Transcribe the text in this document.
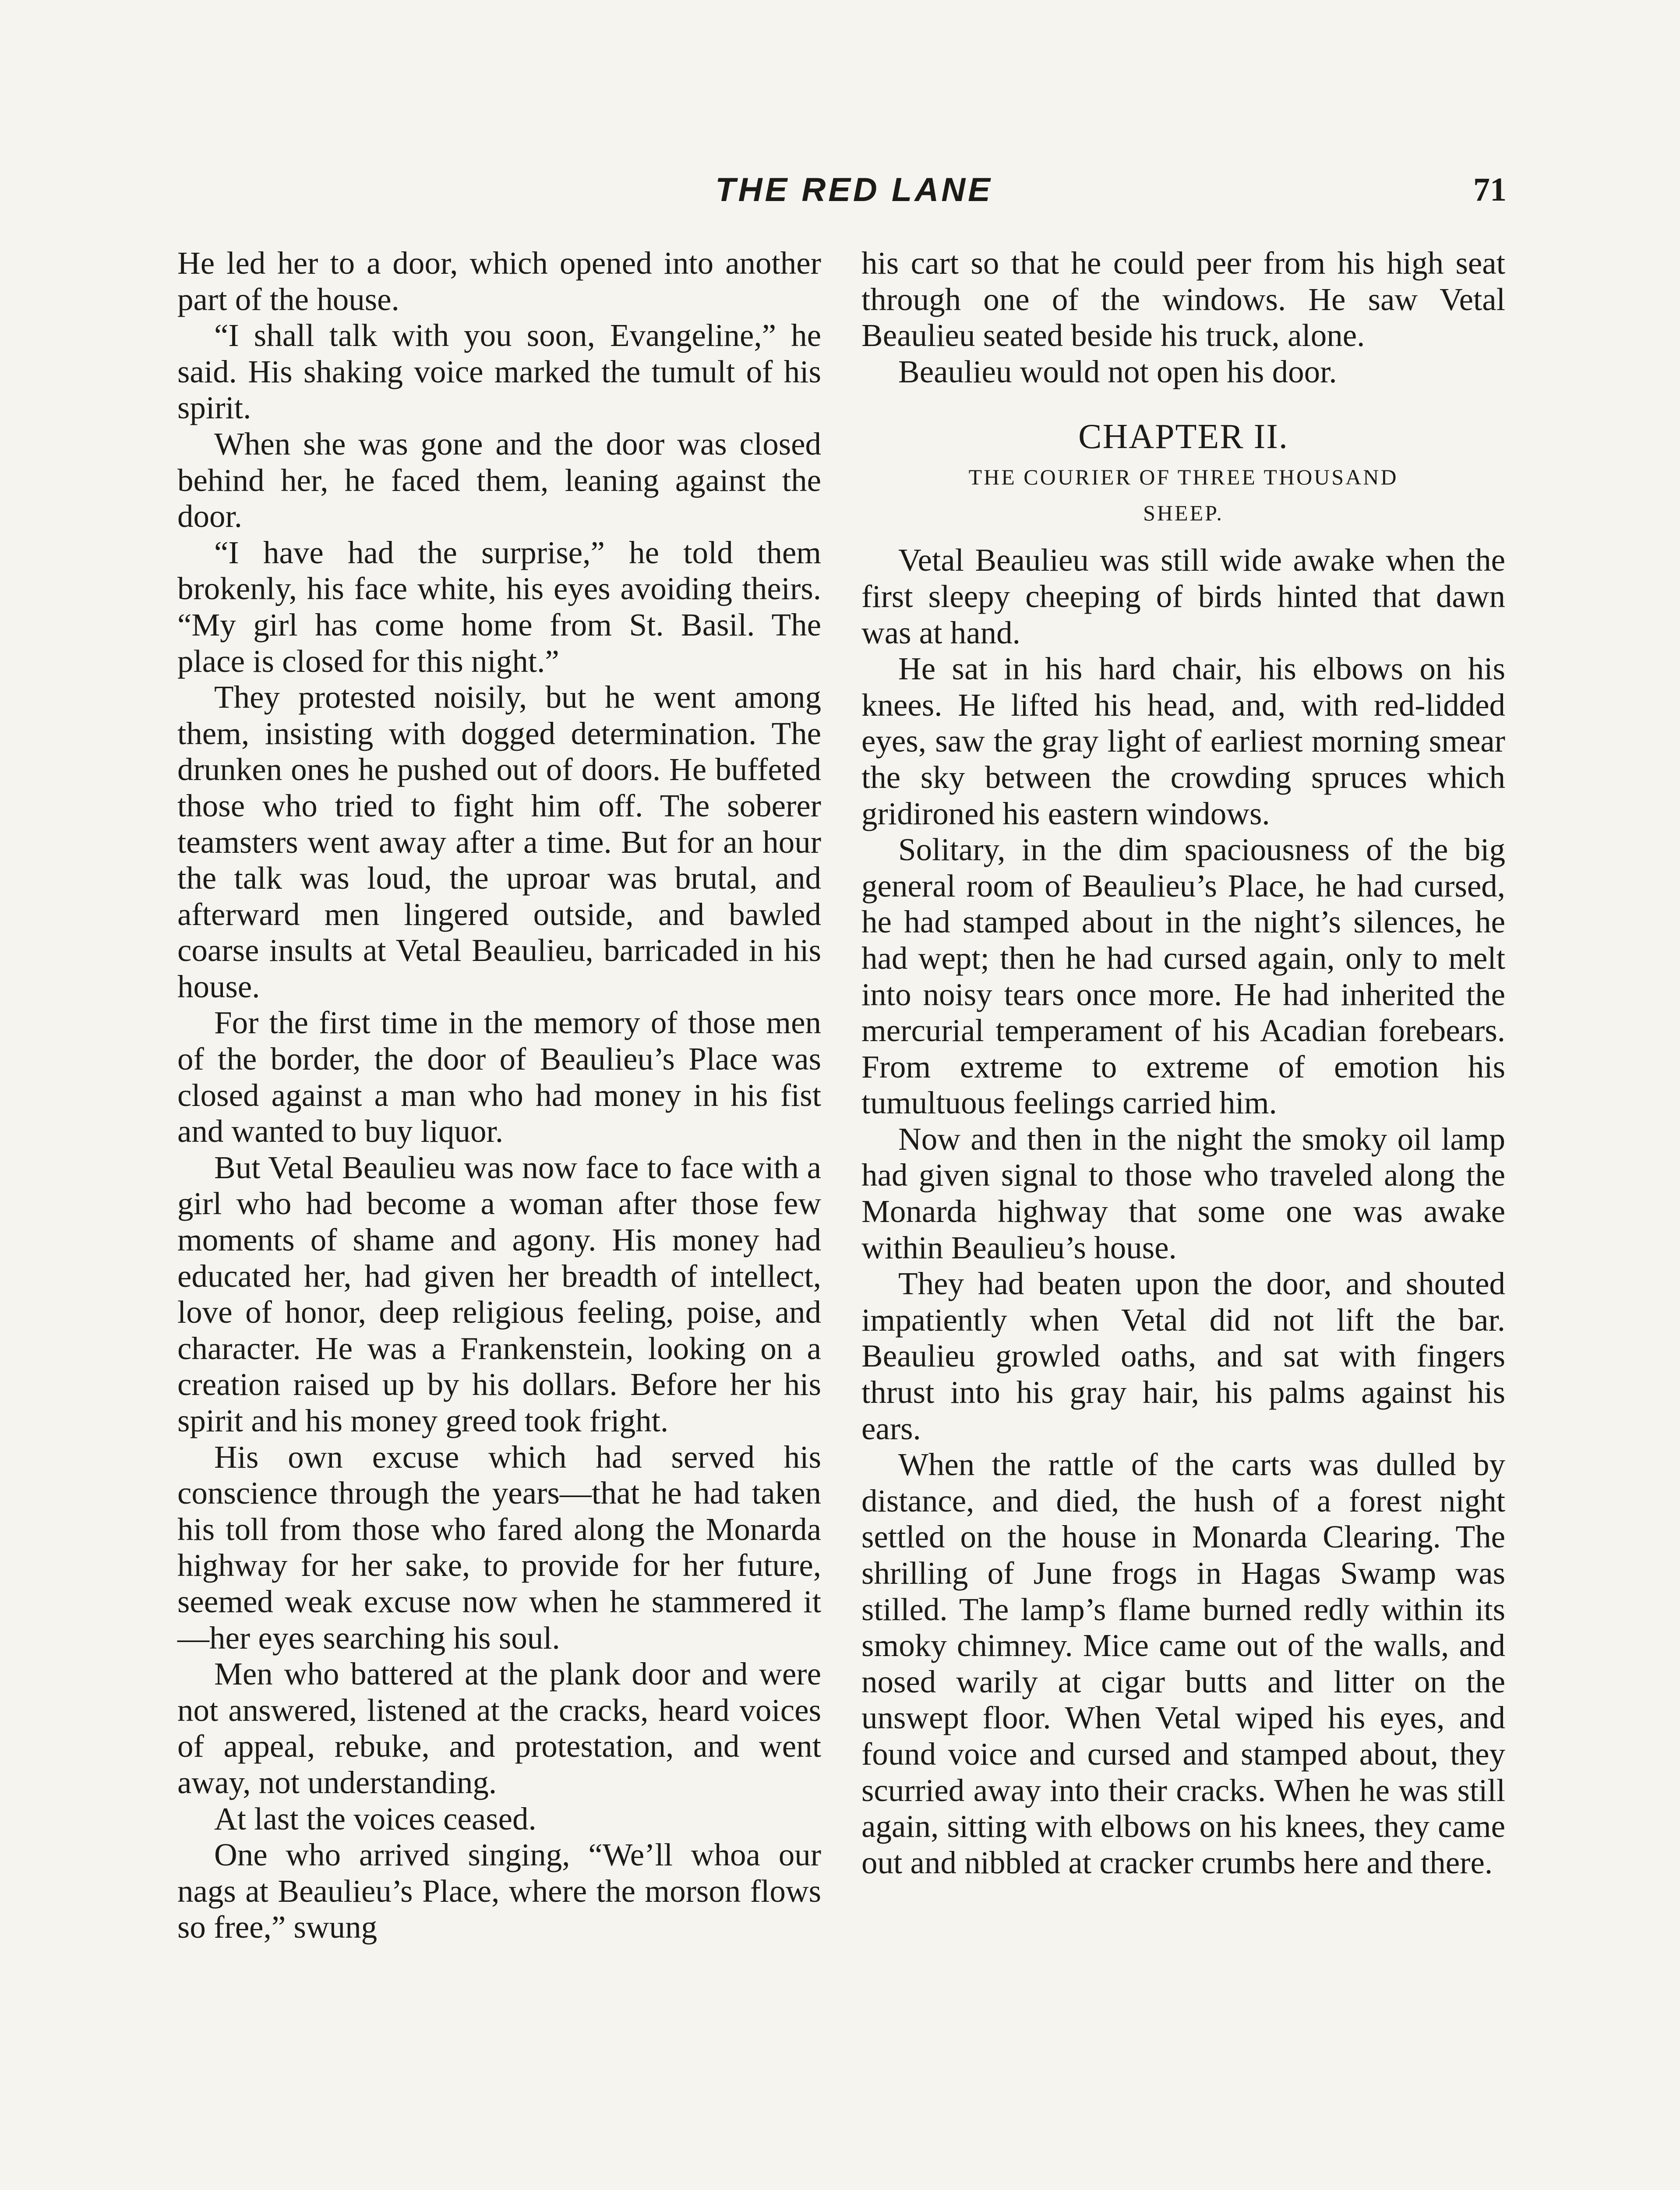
THE RED LANE	71

He led her to a door, which opened into another part of the house.

“I shall talk with you soon, Evangeline,” he said. His shaking voice marked the tumult of his spirit.

When she was gone and the door was closed behind her, he faced them, leaning against the door.

“I have had the surprise,” he told them brokenly, his face white, his eyes avoiding theirs. “My girl has come home from St. Basil. The place is closed for this night.”

They protested noisily, but he went among them, insisting with dogged determination. The drunken ones he pushed out of doors. He buffeted those who tried to fight him off. The soberer teamsters went away after a time. But for an hour the talk was loud, the uproar was brutal, and afterward men lingered outside, and bawled coarse insults at Vetal Beaulieu, barricaded in his house.

For the first time in the memory of those men of the border, the door of Beaulieu’s Place was closed against a man who had money in his fist and wanted to buy liquor.

But Vetal Beaulieu was now face to face with a girl who had become a woman after those few moments of shame and agony. His money had educated her, had given her breadth of intellect, love of honor, deep religious feeling, poise, and character. He was a Frankenstein, looking on a creation raised up by his dollars. Before her his spirit and his money greed took fright.

His own excuse which had served his conscience through the years—that he had taken his toll from those who fared along the Monarda highway for her sake, to provide for her future, seemed weak excuse now when he stammered it —her eyes searching his soul.

Men who battered at the plank door and were not answered, listened at the cracks, heard voices of appeal, rebuke, and protestation, and went away, not understanding.

At last the voices ceased.

One who arrived singing, “We’ll whoa our nags at Beaulieu’s Place, where the morson flows so free,” swung

his cart so that he could peer from his high seat through one of the windows. He saw Vetal Beaulieu seated beside his truck, alone.

Beaulieu would not open his door.

CHAPTER II.
THE COURIER OF THREE THOUSAND
SHEEP.

Vetal Beaulieu was still wide awake when the first sleepy cheeping of birds hinted that dawn was at hand.

He sat in his hard chair, his elbows on his knees. He lifted his head, and, with red-lidded eyes, saw the gray light of earliest morning smear the sky between the crowding spruces which gridironed his eastern windows.

Solitary, in the dim spaciousness of the big general room of Beaulieu’s Place, he had cursed, he had stamped about in the night’s silences, he had wept; then he had cursed again, only to melt into noisy tears once more. He had inherited the mercurial temperament of his Acadian forebears. From extreme to extreme of emotion his tumultuous feelings carried him.

Now and then in the night the smoky oil lamp had given signal to those who traveled along the Monarda highway that some one was awake within Beaulieu’s house.

They had beaten upon the door, and shouted impatiently when Vetal did not lift the bar. Beaulieu growled oaths, and sat with fingers thrust into his gray hair, his palms against his ears.

When the rattle of the carts was dulled by distance, and died, the hush of a forest night settled on the house in Monarda Clearing. The shrilling of June frogs in Hagas Swamp was stilled. The lamp’s flame burned redly within its smoky chimney. Mice came out of the walls, and nosed warily at cigar butts and litter on the unswept floor. When Vetal wiped his eyes, and found voice and cursed and stamped about, they scurried away into their cracks. When he was still again, sitting with elbows on his knees, they came out and nibbled at cracker crumbs here and there.
